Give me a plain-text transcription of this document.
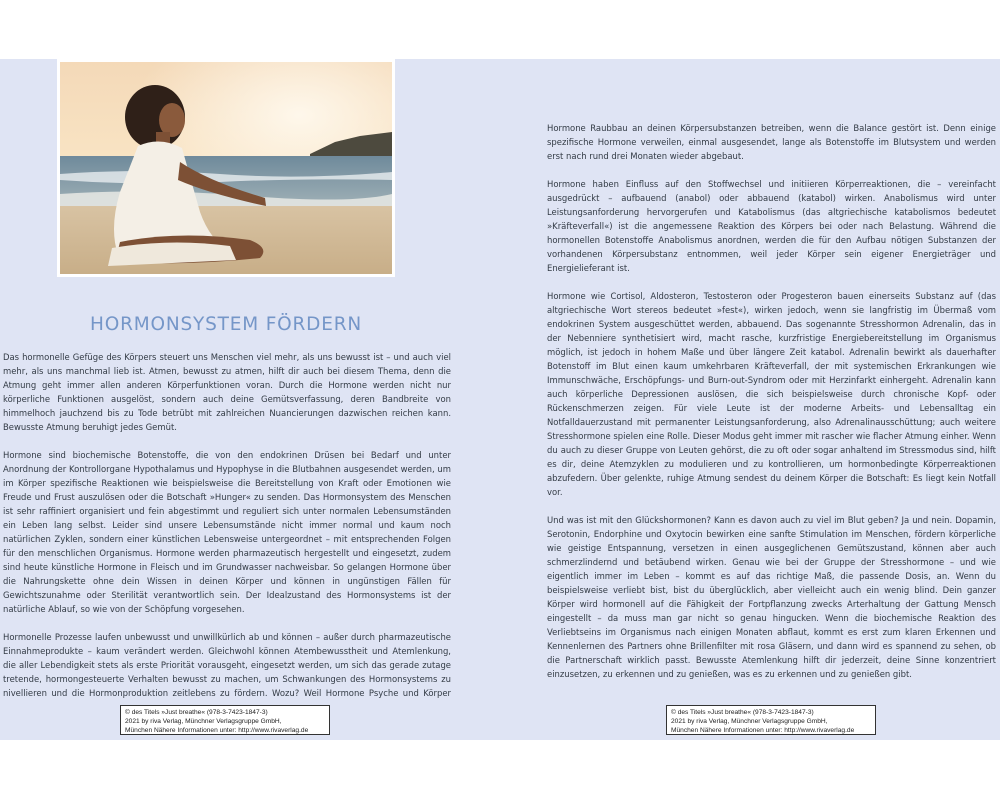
HORMONSYSTEM FÖRDERN

Das hormonelle Gefüge des Körpers steuert uns Menschen viel mehr, als uns bewusst ist – und auch viel mehr, als uns manchmal lieb ist. Atmen, bewusst zu atmen, hilft dir auch bei diesem Thema, denn die Atmung geht immer allen anderen Körperfunktionen voran. Durch die Hormone werden nicht nur körperliche Funktionen ausgelöst, sondern auch deine Gemütsverfassung, deren Bandbreite von himmelhoch jauchzend bis zu Tode betrübt mit zahlreichen Nuancierungen dazwischen reichen kann. Bewusste Atmung beruhigt jedes Gemüt.

Hormone sind biochemische Botenstoffe, die von den endokrinen Drüsen bei Bedarf und unter Anordnung der Kontrollorgane Hypothalamus und Hypophyse in die Blutbahnen ausgesendet werden, um im Körper spezifische Reaktionen wie beispielsweise die Bereitstellung von Kraft oder Emotionen wie Freude und Frust auszulösen oder die Botschaft »Hunger« zu senden. Das Hormonsystem des Menschen ist sehr raffiniert organisiert und fein abgestimmt und reguliert sich unter normalen Lebensumständen ein Leben lang selbst. Leider sind unsere Lebensumstände nicht immer normal und kaum noch natürlichen Zyklen, sondern einer künstlichen Lebensweise untergeordnet – mit entsprechenden Folgen für den menschlichen Organismus. Hormone werden pharmazeutisch hergestellt und eingesetzt, zudem sind heute künstliche Hormone in Fleisch und im Grundwasser nachweisbar. So gelangen Hormone über die Nahrungskette ohne dein Wissen in deinen Körper und können in ungünstigen Fällen für Gewichtszunahme oder Sterilität verantwortlich sein. Der Idealzustand des Hormonsystems ist der natürliche Ablauf, so wie von der Schöpfung vorgesehen.

Hormonelle Prozesse laufen unbewusst und unwillkürlich ab und können – außer durch pharmazeutische Einnahmeprodukte – kaum verändert werden. Gleichwohl können Atembewusstheit und Atemlenkung, die aller Lebendigkeit stets als erste Priorität vorausgeht, eingesetzt werden, um sich das gerade zutage tretende, hormongesteuerte Verhalten bewusst zu machen, um Schwankungen des Hormonsystems zu nivellieren und die Hormonproduktion zeitlebens zu fördern. Wozu? Weil Hormone Psyche und Körper

Hormone Raubbau an deinen Körpersubstanzen betreiben, wenn die Balance gestört ist. Denn einige spezifische Hormone verweilen, einmal ausgesendet, lange als Botenstoffe im Blutsystem und werden erst nach rund drei Monaten wieder abgebaut.

Hormone haben Einfluss auf den Stoffwechsel und initiieren Körperreaktionen, die – vereinfacht ausgedrückt – aufbauend (anabol) oder abbauend (katabol) wirken. Anabolismus wird unter Leistungsanforderung hervorgerufen und Katabolismus (das altgriechische katabolismos bedeutet »Kräfteverfall«) ist die angemessene Reaktion des Körpers bei oder nach Belastung. Während die hormonellen Botenstoffe Anabolismus anordnen, werden die für den Aufbau nötigen Substanzen der vorhandenen Körpersubstanz entnommen, weil jeder Körper sein eigener Energieträger und Energielieferant ist.

Hormone wie Cortisol, Aldosteron, Testosteron oder Progesteron bauen einerseits Substanz auf (das altgriechische Wort stereos bedeutet »fest«), wirken jedoch, wenn sie langfristig im Übermaß vom endokrinen System ausgeschüttet werden, abbauend. Das sogenannte Stresshormon Adrenalin, das in der Nebenniere synthetisiert wird, macht rasche, kurzfristige Energiebereitstellung im Organismus möglich, ist jedoch in hohem Maße und über längere Zeit katabol. Adrenalin bewirkt als dauerhafter Botenstoff im Blut einen kaum umkehrbaren Kräfteverfall, der mit systemischen Erkrankungen wie Immunschwäche, Erschöpfungs- und Burn-out-Syndrom oder mit Herzinfarkt einhergeht. Adrenalin kann auch körperliche Depressionen auslösen, die sich beispielsweise durch chronische Kopf- oder Rückenschmerzen zeigen. Für viele Leute ist der moderne Arbeits- und Lebensalltag ein Notfalldauerzustand mit permanenter Leistungsanforderung, also Adrenalinausschüttung; auch weitere Stresshormone spielen eine Rolle. Dieser Modus geht immer mit rascher wie flacher Atmung einher. Wenn du auch zu dieser Gruppe von Leuten gehörst, die zu oft oder sogar anhaltend im Stressmodus sind, hilft es dir, deine Atemzyklen zu modulieren und zu kontrollieren, um hormonbedingte Körperreaktionen abzufedern. Über gelenkte, ruhige Atmung sendest du deinem Körper die Botschaft: Es liegt kein Notfall vor.

Und was ist mit den Glückshormonen? Kann es davon auch zu viel im Blut geben? Ja und nein. Dopamin, Serotonin, Endorphine und Oxytocin bewirken eine sanfte Stimulation im Menschen, fördern körperliche wie geistige Entspannung, versetzen in einen ausgeglichenen Gemütszustand, können aber auch schmerzlindernd und betäubend wirken. Genau wie bei der Gruppe der Stresshormone – und wie eigentlich immer im Leben – kommt es auf das richtige Maß, die passende Dosis, an. Wenn du beispielsweise verliebt bist, bist du überglücklich, aber vielleicht auch ein wenig blind. Dein ganzer Körper wird hormonell auf die Fähigkeit der Fortpflanzung zwecks Arterhaltung der Gattung Mensch eingestellt – da muss man gar nicht so genau hingucken. Wenn die biochemische Reaktion des Verliebtseins im Organismus nach einigen Monaten abflaut, kommt es erst zum klaren Erkennen und Kennenlernen des Partners ohne Brillenfilter mit rosa Gläsern, und dann wird es spannend zu sehen, ob die Partnerschaft wirklich passt. Bewusste Atemlenkung hilft dir jederzeit, deine Sinne konzentriert einzusetzen, zu erkennen und zu genießen, was es zu erkennen und zu genießen gibt.

© des Titels »Just breathe« (978-3-7423-1847-3)
2021 by riva Verlag, Münchner Verlagsgruppe GmbH,
München Nähere Informationen unter: http://www.rivaverlag.de
© des Titels »Just breathe« (978-3-7423-1847-3)
2021 by riva Verlag, Münchner Verlagsgruppe GmbH,
München Nähere Informationen unter: http://www.rivaverlag.de
